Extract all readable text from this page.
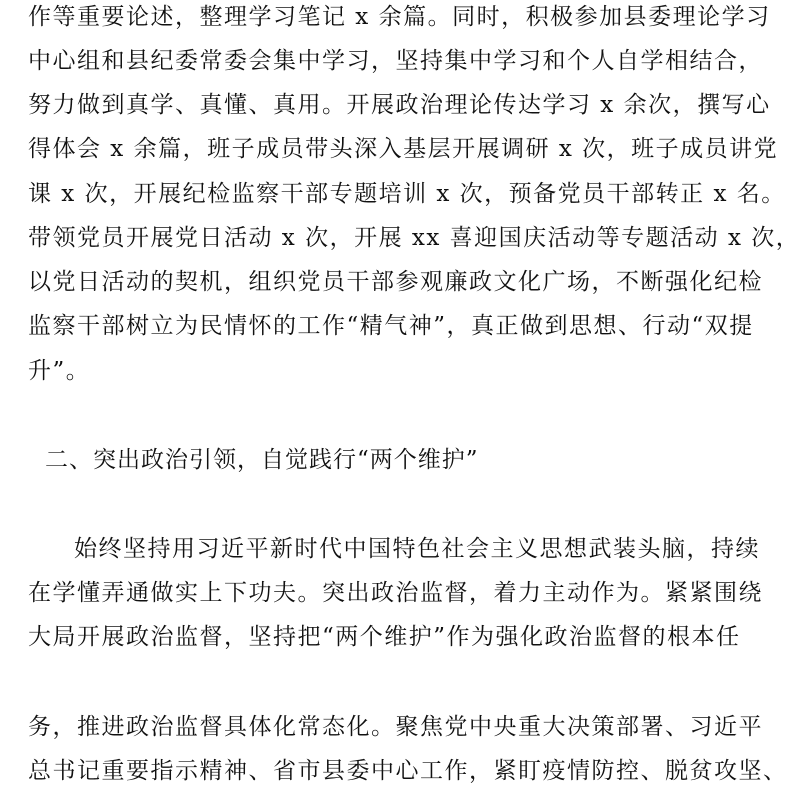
作等重要论述，整理学习笔记 x 余篇。同时，积极参加县委理论学习
中心组和县纪委常委会集中学习，坚持集中学习和个人自学相结合，
努力做到真学、真懂、真用。开展政治理论传达学习 x 余次，撰写心
得体会 x 余篇，班子成员带头深入基层开展调研 x 次，班子成员讲党
课 x 次，开展纪检监察干部专题培训 x 次，预备党员干部转正 x 名。
带领党员开展党日活动 x 次，开展 xx 喜迎国庆活动等专题活动 x 次，
以党日活动的契机，组织党员干部参观廉政文化广场，不断强化纪检
监察干部树立为民情怀的工作“精气神”，真正做到思想、行动“双提
升”。
二、突出政治引领，自觉践行“两个维护”
始终坚持用习近平新时代中国特色社会主义思想武装头脑，持续
在学懂弄通做实上下功夫。突出政治监督，着力主动作为。紧紧围绕
大局开展政治监督，坚持把“两个维护”作为强化政治监督的根本任
务，推进政治监督具体化常态化。聚焦党中央重大决策部署、习近平
总书记重要指示精神、省市县委中心工作，紧盯疫情防控、脱贫攻坚、
